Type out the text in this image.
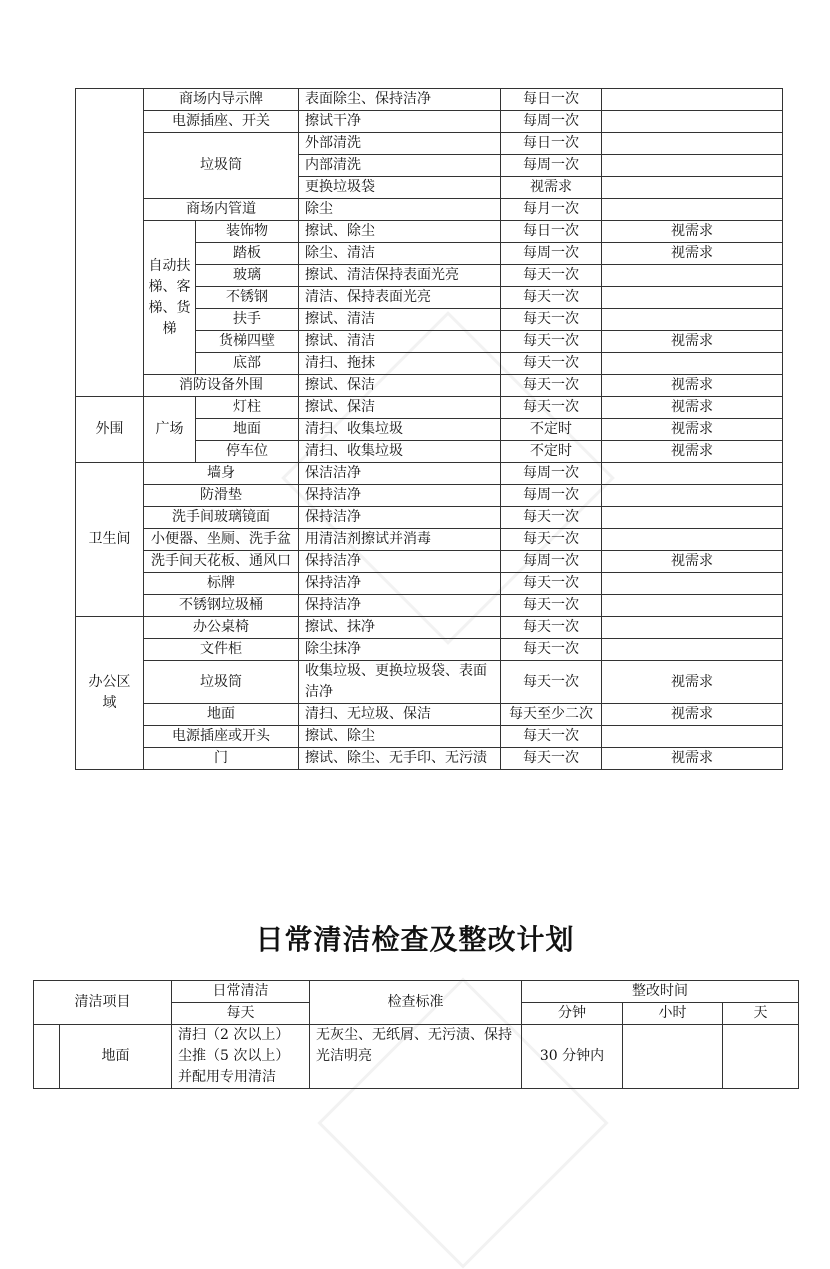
	商场内导示牌		表面除尘、保持洁净	每日一次	
	电源插座、开关		擦试干净	每周一次	
	垃圾筒		外部清洗	每日一次	
			内部清洗	每周一次	
			更换垃圾袋	视需求	
	商场内管道		除尘	每月一次	
	自动扶梯、客梯、货梯	装饰物	擦试、除尘	每日一次	视需求
		踏板	除尘、清洁	每周一次	视需求
		玻璃	擦试、清洁保持表面光亮	每天一次	
		不锈钢	清洁、保持表面光亮	每天一次	
		扶手	擦试、清洁	每天一次	
		货梯四壁	擦试、清洁	每天一次	视需求
		底部	清扫、拖抹	每天一次	
	消防设备外围		擦试、保洁	每天一次	视需求
外围	广场	灯柱	擦试、保洁	每天一次	视需求
		地面	清扫、收集垃圾	不定时	视需求
		停车位	清扫、收集垃圾	不定时	视需求
卫生间	墙身		保洁洁净	每周一次	
	防滑垫		保持洁净	每周一次	
	洗手间玻璃镜面		保持洁净	每天一次	
	小便器、坐厕、洗手盆		用清洁剂擦试并消毒	每天一次	

	洗手间天花板、通风口		保持洁净	每周一次	视需求

	标牌		保持洁净	每天一次	
	不锈钢垃圾桶		保持洁净	每天一次	
办公区域	办公桌椅		擦试、抹净	每天一次	
	文件柜		除尘抹净	每天一次	
	垃圾筒		收集垃圾、更换垃圾袋、表面洁净	每天一次	视需求

	地面		清扫、无垃圾、保洁	每天至少二次	视需求

	电源插座或开头		擦试、除尘	每天一次	
	门		擦试、除尘、无手印、无污渍	每天一次	视需求

日常清洁检查及整改计划
清洁项目		日常清洁	检查标准	整改时间		
		每天		分钟	小时	天
	地面	清扫（2 次以上）尘推（5 次以上）并配用专用清洁	无灰尘、无纸屑、无污渍、保持光洁明亮	30 分钟内		
